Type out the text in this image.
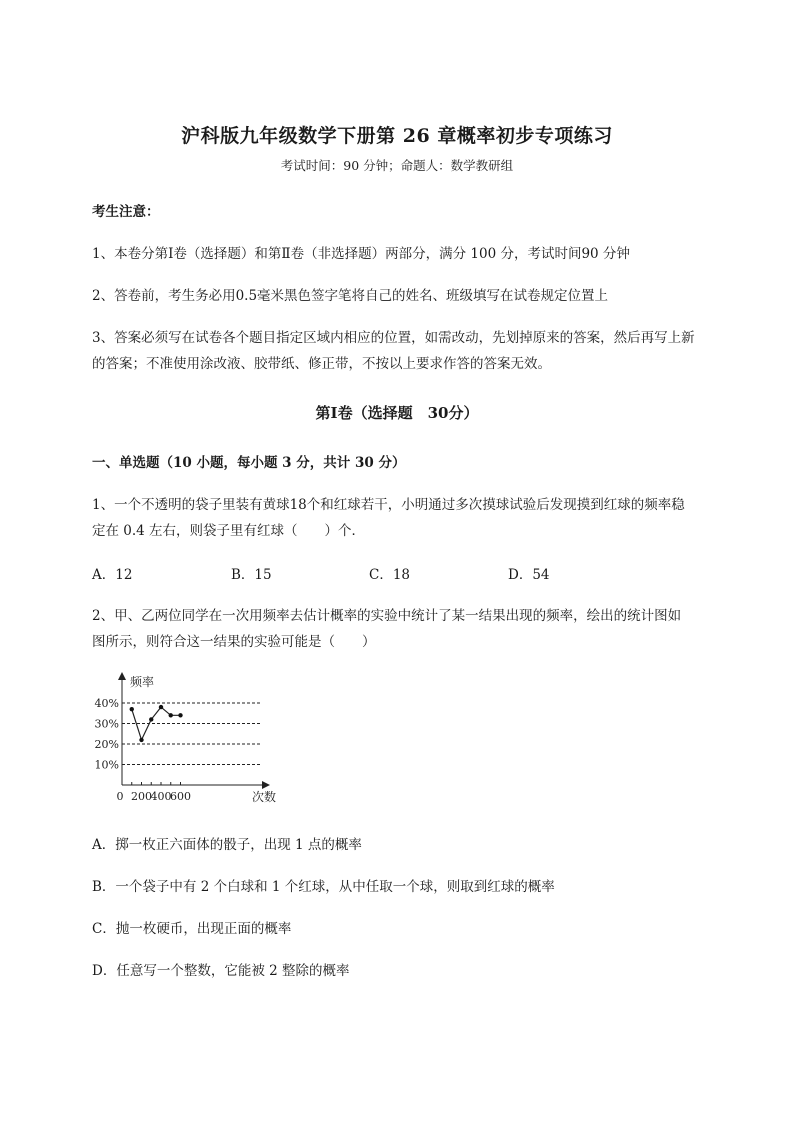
沪科版九年级数学下册第 26 章概率初步专项练习
考试时间：90 分钟；命题人：数学教研组
考生注意：
1、本卷分第Ⅰ卷（选择题）和第Ⅱ卷（非选择题）两部分，满分 100 分，考试时间90 分钟
2、答卷前，考生务必用0.5毫米黑色签字笔将自己的姓名、班级填写在试卷规定位置上
3、答案必须写在试卷各个题目指定区域内相应的位置，如需改动，先划掉原来的答案，然后再写上新
的答案；不准使用涂改液、胶带纸、修正带，不按以上要求作答的答案无效。
第Ⅰ卷（选择题　30分）
一、单选题（10 小题，每小题 3 分，共计 30 分）
1、一个不透明的袋子里装有黄球18个和红球若干，小明通过多次摸球试验后发现摸到红球的频率稳
定在 0.4 左右，则袋子里有红球（　　）个．
A．12	B．15	C．18	D．54
2、甲、乙两位同学在一次用频率去估计概率的实验中统计了某一结果出现的频率，绘出的统计图如
图所示，则符合这一结果的实验可能是（　　）
频率
次数
10%
20%
30%
40%
0 200
400
600
A．掷一枚正六面体的骰子，出现 1 点的概率
B．一个袋子中有 2 个白球和 1 个红球，从中任取一个球，则取到红球的概率
C．抛一枚硬币，出现正面的概率
D．任意写一个整数，它能被 2 整除的概率
